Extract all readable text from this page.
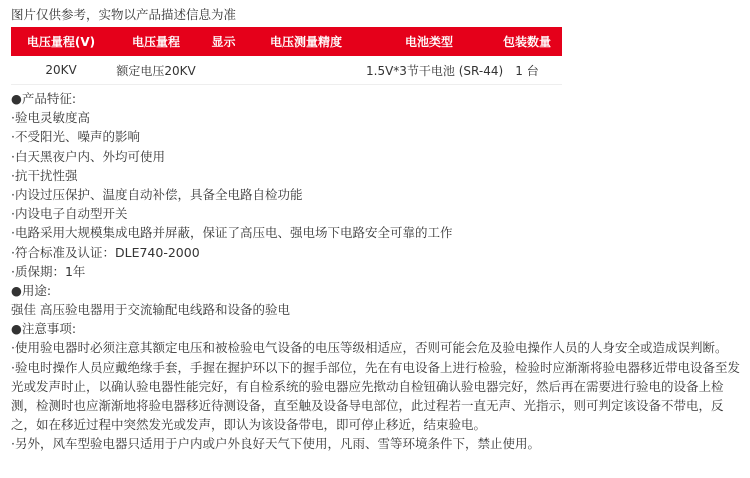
图片仅供参考，实物以产品描述信息为准
电压量程(V)	电压量程	显示	电压测量精度	电池类型	包装数量
20KV	额定电压20KV			1.5V*3节干电池 (SR-44)	1 台
●产品特征:
·验电灵敏度高
·不受阳光、噪声的影响
·白天黑夜户内、外均可使用
·抗干扰性强
·内设过压保护、温度自动补偿，具备全电路自检功能
·内设电子自动型开关
·电路采用大规模集成电路并屏蔽，保证了高压电、强电场下电路安全可靠的工作
·符合标准及认证：DLE740-2000
·质保期：1年
●用途:
强佳 高压验电器用于交流输配电线路和设备的验电
●注意事项:
·使用验电器时必须注意其额定电压和被检验电气设备的电压等级相适应，否则可能会危及验电操作人员的人身安全或造成误判断。
·验电时操作人员应戴绝缘手套，手握在握护环以下的握手部位，先在有电设备上进行检验，检验时应渐渐将验电器移近带电设备至发光或发声时止，以确认验电器性能完好，有自检系统的验电器应先揿动自检钮确认验电器完好，然后再在需要进行验电的设备上检测，检测时也应渐渐地将验电器移近待测设备，直至触及设备导电部位，此过程若一直无声、光指示，则可判定该设备不带电，反之，如在移近过程中突然发光或发声，即认为该设备带电，即可停止移近，结束验电。
·另外，风车型验电器只适用于户内或户外良好天气下使用，凡雨、雪等环境条件下，禁止使用。
